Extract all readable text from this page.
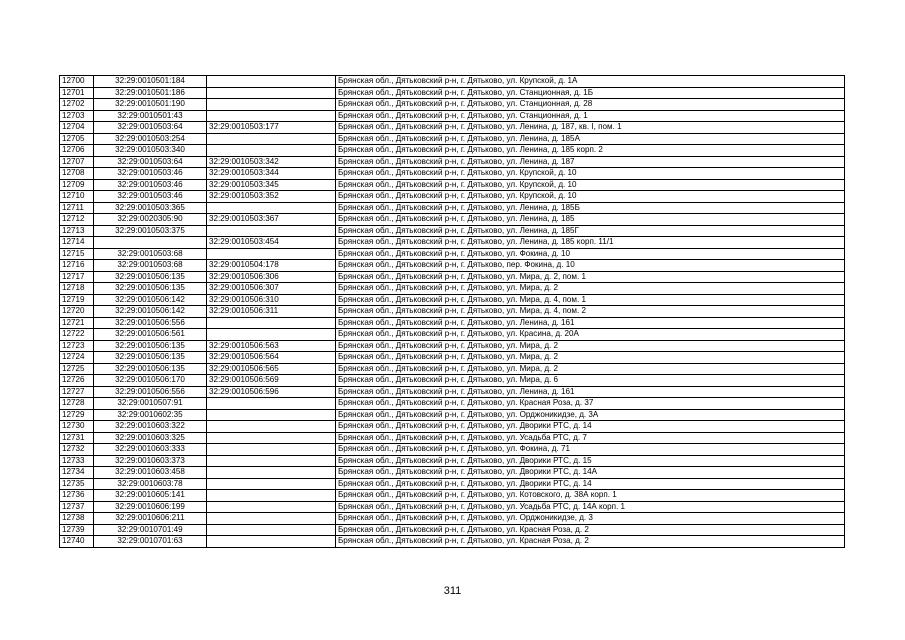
12700	32:29:0010501:184		Брянская обл., Дятьковский р-н, г. Дятьково, ул. Крупской, д. 1А
12701	32:29:0010501:186		Брянская обл., Дятьковский р-н, г. Дятьково, ул. Станционная, д. 1Б
12702	32:29:0010501:190		Брянская обл., Дятьковский р-н, г. Дятьково, ул. Станционная, д. 28
12703	32:29:0010501:43		Брянская обл., Дятьковский р-н, г. Дятьково, ул. Станционная, д. 1
12704	32:29:0010503:64	32:29:0010503:177	Брянская обл., Дятьковский р-н, г. Дятьково, ул. Ленина, д. 187, кв. I, пом. 1
12705	32:29:0010503:254		Брянская обл., Дятьковский р-н, г. Дятьково, ул. Ленина, д. 185А
12706	32:29:0010503:340		Брянская обл., Дятьковский р-н, г. Дятьково, ул. Ленина, д. 185 корп. 2
12707	32:29:0010503:64	32:29:0010503:342	Брянская обл., Дятьковский р-н, г. Дятьково, ул. Ленина, д. 187
12708	32:29:0010503:46	32:29:0010503:344	Брянская обл., Дятьковский р-н, г. Дятьково, ул. Крупской, д. 10
12709	32:29:0010503:46	32:29:0010503:345	Брянская обл., Дятьковский р-н, г. Дятьково, ул. Крупской, д. 10
12710	32:29:0010503:46	32:29:0010503:352	Брянская обл., Дятьковский р-н, г. Дятьково, ул. Крупской, д. 10
12711	32:29:0010503:365		Брянская обл., Дятьковский р-н, г. Дятьково, ул. Ленина, д. 185Б
12712	32:29:0020305:90	32:29:0010503:367	Брянская обл., Дятьковский р-н, г. Дятьково, ул. Ленина, д. 185
12713	32:29:0010503:375		Брянская обл., Дятьковский р-н, г. Дятьково, ул. Ленина, д. 185Г
12714		32:29:0010503:454	Брянская обл., Дятьковский р-н, г. Дятьково, ул. Ленина, д. 185 корп. 11/1
12715	32:29:0010503:68		Брянская обл., Дятьковский р-н, г. Дятьково, ул. Фокина, д. 10
12716	32:29:0010503:68	32:29:0010504:178	Брянская обл., Дятьковский р-н, г. Дятьково, пер. Фокина, д. 10
12717	32:29:0010506:135	32:29:0010506:306	Брянская обл., Дятьковский р-н, г. Дятьково, ул. Мира, д. 2, пом. 1
12718	32:29:0010506:135	32:29:0010506:307	Брянская обл., Дятьковский р-н, г. Дятьково, ул. Мира, д. 2
12719	32:29:0010506:142	32:29:0010506:310	Брянская обл., Дятьковский р-н, г. Дятьково, ул. Мира, д. 4, пом. 1
12720	32:29:0010506:142	32:29:0010506:311	Брянская обл., Дятьковский р-н, г. Дятьково, ул. Мира, д. 4, пом. 2
12721	32:29:0010506:556		Брянская обл., Дятьковский р-н, г. Дятьково, ул. Ленина, д. 161
12722	32:29:0010506:561		Брянская обл., Дятьковский р-н, г. Дятьково, ул. Красина, д. 20А
12723	32:29:0010506:135	32:29:0010506:563	Брянская обл., Дятьковский р-н, г. Дятьково, ул. Мира, д. 2
12724	32:29:0010506:135	32:29:0010506:564	Брянская обл., Дятьковский р-н, г. Дятьково, ул. Мира, д. 2
12725	32:29:0010506:135	32:29:0010506:565	Брянская обл., Дятьковский р-н, г. Дятьково, ул. Мира, д. 2
12726	32:29:0010506:170	32:29:0010506:569	Брянская обл., Дятьковский р-н, г. Дятьково, ул. Мира, д. 6
12727	32:29:0010506:556	32:29:0010506:596	Брянская обл., Дятьковский р-н, г. Дятьково, ул. Ленина, д. 161
12728	32:29:0010507:91		Брянская обл., Дятьковский р-н, г. Дятьково, ул. Красная Роза, д. 37
12729	32:29:0010602:35		Брянская обл., Дятьковский р-н, г. Дятьково, ул. Орджоникидзе, д. 3А
12730	32:29:0010603:322		Брянская обл., Дятьковский р-н, г. Дятьково, ул. Дворики РТС, д. 14
12731	32:29:0010603:325		Брянская обл., Дятьковский р-н, г. Дятьково, ул. Усадьба РТС, д. 7
12732	32:29:0010603:333		Брянская обл., Дятьковский р-н, г. Дятьково, ул. Фокина, д. 71
12733	32:29:0010603:373		Брянская обл., Дятьковский р-н, г. Дятьково, ул. Дворики РТС, д. 15
12734	32:29:0010603:458		Брянская обл., Дятьковский р-н, г. Дятьково, ул. Дворики РТС, д. 14А
12735	32:29:0010603:78		Брянская обл., Дятьковский р-н, г. Дятьково, ул. Дворики РТС, д. 14
12736	32:29:0010605:141		Брянская обл., Дятьковский р-н, г. Дятьково, ул. Котовского, д. 38А корп. 1
12737	32:29:0010606:199		Брянская обл., Дятьковский р-н, г. Дятьково, ул. Усадьба РТС, д. 14А корп. 1
12738	32:29:0010606:211		Брянская обл., Дятьковский р-н, г. Дятьково, ул. Орджоникидзе, д. 3
12739	32:29:0010701:49		Брянская обл., Дятьковский р-н, г. Дятьково, ул. Красная Роза, д. 2
12740	32:29:0010701:63		Брянская обл., Дятьковский р-н, г. Дятьково, ул. Красная Роза, д. 2
311
